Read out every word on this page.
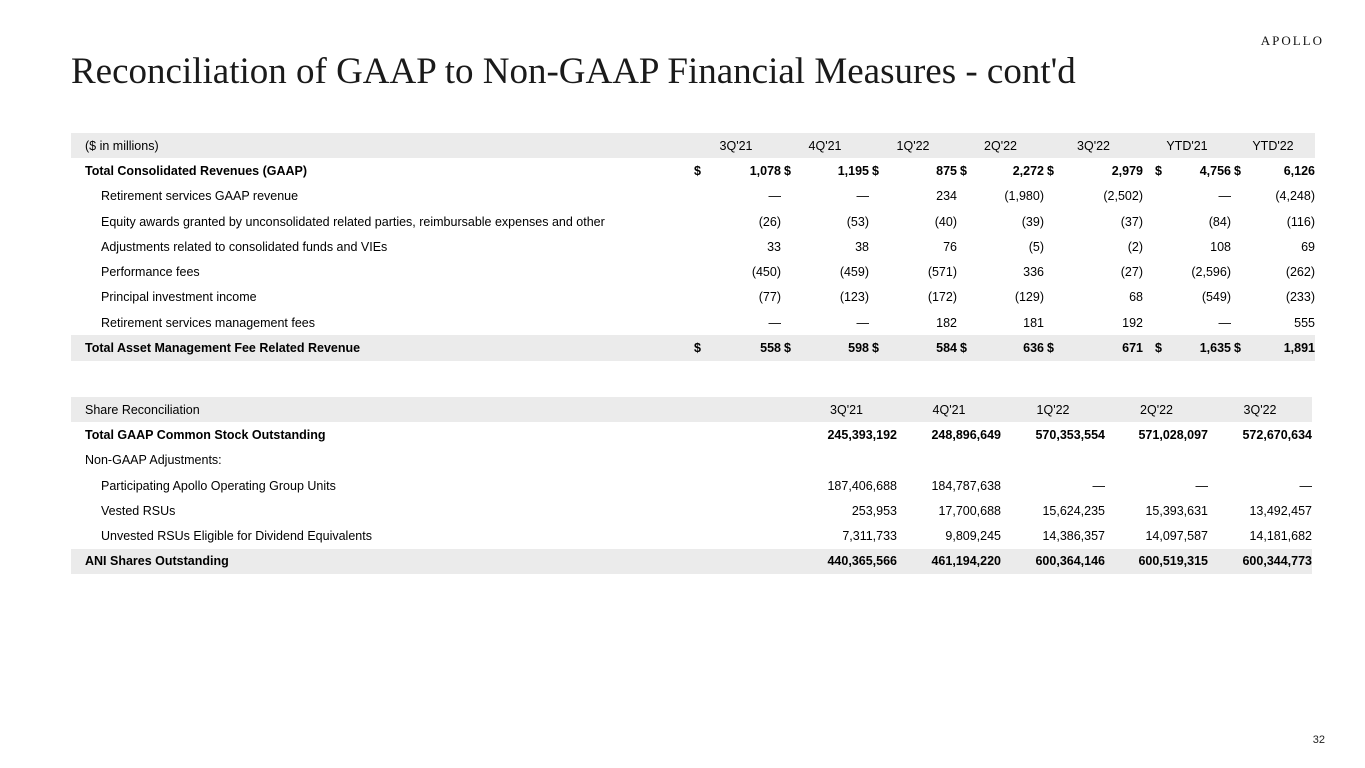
APOLLO
Reconciliation of GAAP to Non-GAAP Financial Measures - cont'd
($ in millions)	3Q'21	4Q'21	1Q'22	2Q'22	3Q'22	YTD'21	YTD'22
Total Consolidated Revenues (GAAP)	$ 1,078	$ 1,195	$ 875	$ 2,272	$ 2,979	$ 4,756	$ 6,126

Retirement services GAAP revenue	—	—	234	(1,980)	(2,502)	—	(4,248)
Equity awards granted by unconsolidated related parties, reimbursable expenses and other	(26)	(53)	(40)	(39)	(37)	(84)	(116)
Adjustments related to consolidated funds and VIEs	33	38	76	(5)	(2)	108	69
Performance fees	(450)	(459)	(571)	336	(27)	(2,596)	(262)
Principal investment income	(77)	(123)	(172)	(129)	68	(549)	(233)
Retirement services management fees	—	—	182	181	192	—	555
Total Asset Management Fee Related Revenue	$ 558	$ 598	$ 584	$ 636	$ 671	$ 1,635	$ 1,891
Share Reconciliation	3Q'21	4Q'21	1Q'22	2Q'22	3Q'22
Total GAAP Common Stock Outstanding	245,393,192	248,896,649	570,353,554	571,028,097	572,670,634
Non-GAAP Adjustments:					
Participating Apollo Operating Group Units	187,406,688	184,787,638	—	—	—
Vested RSUs	253,953	17,700,688	15,624,235	15,393,631	13,492,457
Unvested RSUs Eligible for Dividend Equivalents	7,311,733	9,809,245	14,386,357	14,097,587	14,181,682
ANI Shares Outstanding	440,365,566	461,194,220	600,364,146	600,519,315	600,344,773
32
